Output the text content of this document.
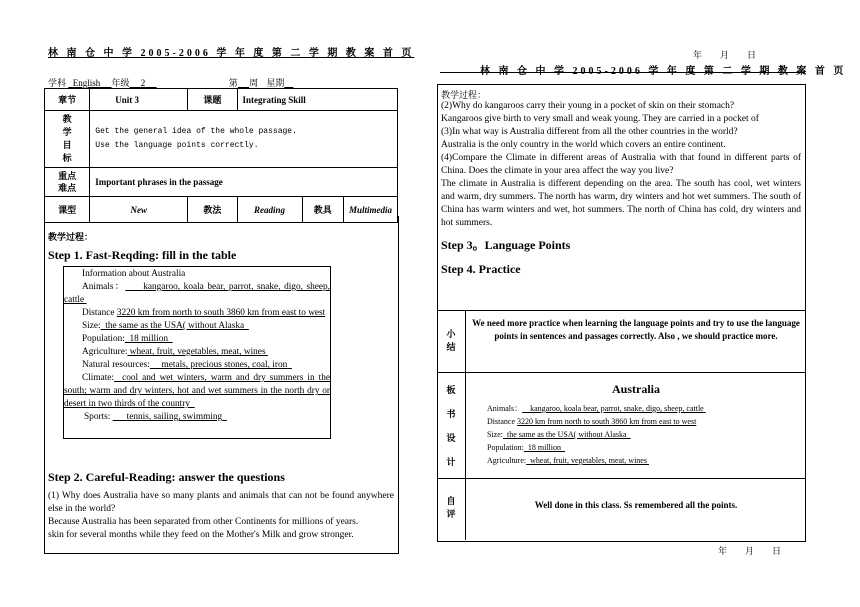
林 南 仓 中 学 2005-2006 学 年 度 第 二 学 期 教 案 首 页
学科 English 年级 2	第 周 星期
章节	Unit 3	课题	Integrating Skill		
教学目标	Get the general idea of the whole passage.
Use the language points correctly.				

重点难点	Important phrases in the passage				
课型	New	教法	Reading	教具	Multimedia
教学过程：
Step 1. Fast-Reqding: fill in the table

Information about Australia

Animals： kangaroo, koala bear, parrot, snake, digo, sheep, cattle

Distance 3220 km from north to south 3860 km from east to west

Size: the same as the USA( without Alaska

Population: 18 million

Agriculture: wheat, fruit, vegetables, meat, wines

Natural resources: metals, precious stones, coal, iron

Climate: cool and wet winters, warm and dry summers in the south; warm and dry winters, hot and wet summers in the north dry or desert in two thirds of the country

Sports: tennis, sailing, swimming

Step 2. Careful-Reading: answer the questions
(1) Why does Australia have so many plants and animals that can not be found anywhere else in the world?
Because Australia has been separated from other Continents for millions of years.
skin for several months while they feed on the Mother's Milk and grow stronger.
年　　月　　日
林 南 仓 中 学 2005-2006 学 年 度 第 二 学 期 教 案 首 页
教学过程：
(2)Why do kangaroos carry their young in a pocket of skin on their stomach?
Kangaroos give birth to very small and weak young. They are carried in a pocket of
(3)In what way is Australia different from all the other countries in the world?
Australia is the only country in the world which covers an entire continent.
(4)Compare the Climate in different areas of Australia with that found in different parts of China. Does the climate in your area affect the way you live?
The climate in Australia is different depending on the area. The south has cool, wet winters and warm, dry summers. The north has warm, dry winters and hot wet summers. The south of China has warm winters and wet, hot summers. The north of China has cold, dry winters and hot summers.
Step 3。Language Points
Step 4. Practice
小结
We need more practice when learning the language points and try to use the language points in sentences and passages correctly. Also , we should practice more.
板书设计
Australia
Animals： kangaroo, koala bear, parrot, snake, digo, sheep, cattle
Distance 3220 km from north to south 3860 km from east to west
Size: the same as the USA( without Alaska
Population: 18 million
Agriculture: wheat, fruit, vegetables, meat, wines
自评
Well done in this class. Ss remembered all the points.
年　　月　　日
